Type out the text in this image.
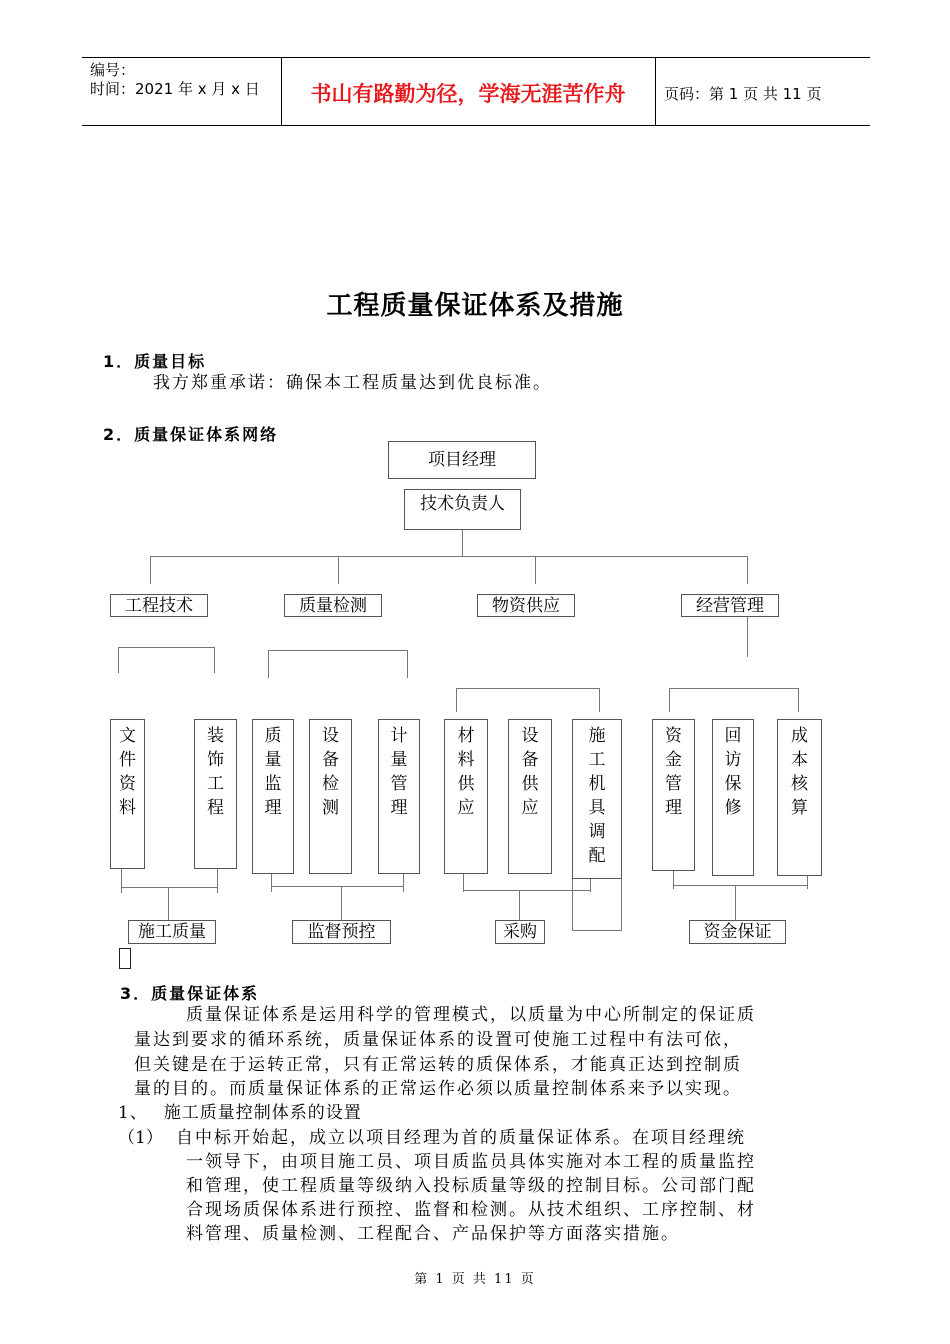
编号：
时间：2021 年 x 月 x 日	书山有路勤为径，学海无涯苦作舟	页码：第 1 页 共 11 页
工程质量保证体系及措施
1．质量目标
我方郑重承诺：确保本工程质量达到优良标准。
2．质量保证体系网络
项目经理
技术负责人
工程技术	质量检测	物资供应	经营管理
文件资料
装饰工程
质量监理
设备检测
计量管理
材料供应
设备供应
施工机具调配
资金管理
回访保修
成本核算
施工质量	监督预控	采购	资金保证
3．质量保证体系
质量保证体系是运用科学的管理模式，以质量为中心所制定的保证质
量达到要求的循环系统，质量保证体系的设置可使施工过程中有法可依，
但关键是在于运转正常，只有正常运转的质保体系，才能真正达到控制质
量的目的。而质量保证体系的正常运作必须以质量控制体系来予以实现。
1、　 施工质量控制体系的设置
（1） 自中标开始起，成立以项目经理为首的质量保证体系。在项目经理统
一领导下，由项目施工员、项目质监员具体实施对本工程的质量监控
和管理，使工程质量等级纳入投标质量等级的控制目标。公司部门配
合现场质保体系进行预控、监督和检测。从技术组织、工序控制、材
料管理、质量检测、工程配合、产品保护等方面落实措施。
第 1 页 共 11 页
